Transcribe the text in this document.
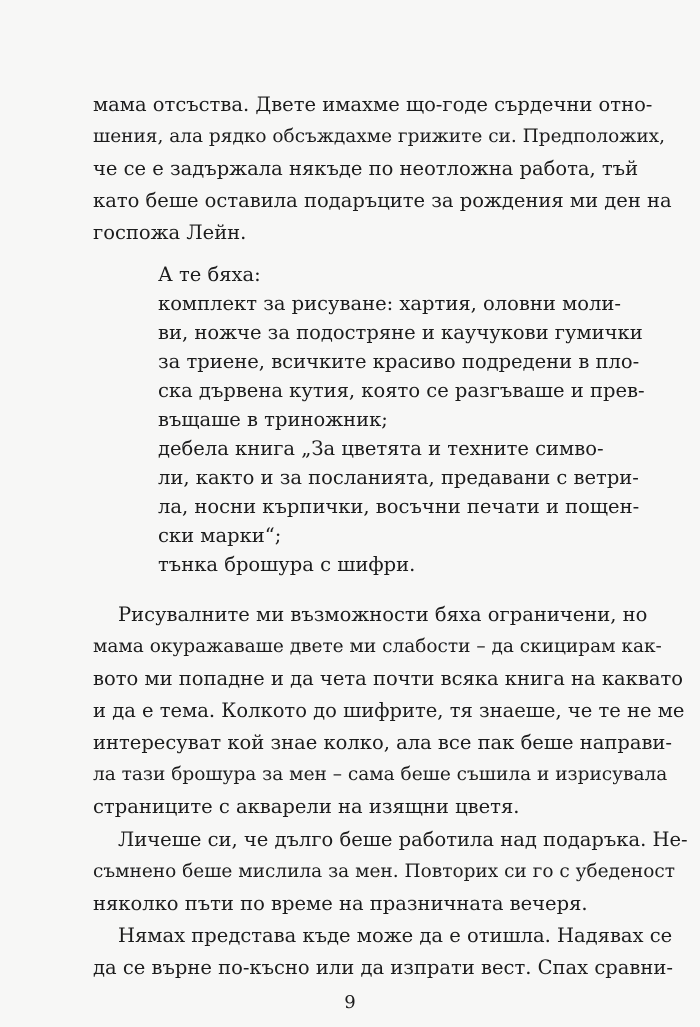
мама отсъства. Двете имахме що-годе сърдечни отно-
шения, ала рядко обсъждахме грижите си. Предположих,
че се е задържала някъде по неотложна работа, тъй
като беше оставила подаръците за рождения ми ден на
госпожа Лейн.
А те бяха:
комплект за рисуване: хартия, оловни моли-
ви, ножче за подостряне и каучукови гумички
за триене, всичките красиво подредени в пло-
ска дървена кутия, която се разгъваше и прев-
въщаше в триножник;
дебела книга „За цветята и техните симво-
ли, както и за посланията, предавани с ветри-
ла, носни кърпички, восъчни печати и пощен-
ски марки“;
тънка брошура с шифри.
Рисувалните ми възможности бяха ограничени, но
мама окуражаваше двете ми слабости – да скицирам как-
вото ми попадне и да чета почти всяка книга на каквато
и да е тема. Колкото до шифрите, тя знаеше, че те не ме
интересуват кой знае колко, ала все пак беше направи-
ла тази брошура за мен – сама беше съшила и изрисувала
страниците с акварели на изящни цветя.
Личеше си, че дълго беше работила над подаръка. Не-
съмнено беше мислила за мен. Повторих си го с убеденост
няколко пъти по време на празничната вечеря.
Нямах представа къде може да е отишла. Надявах се
да се върне по-късно или да изпрати вест. Спах сравни-
9
